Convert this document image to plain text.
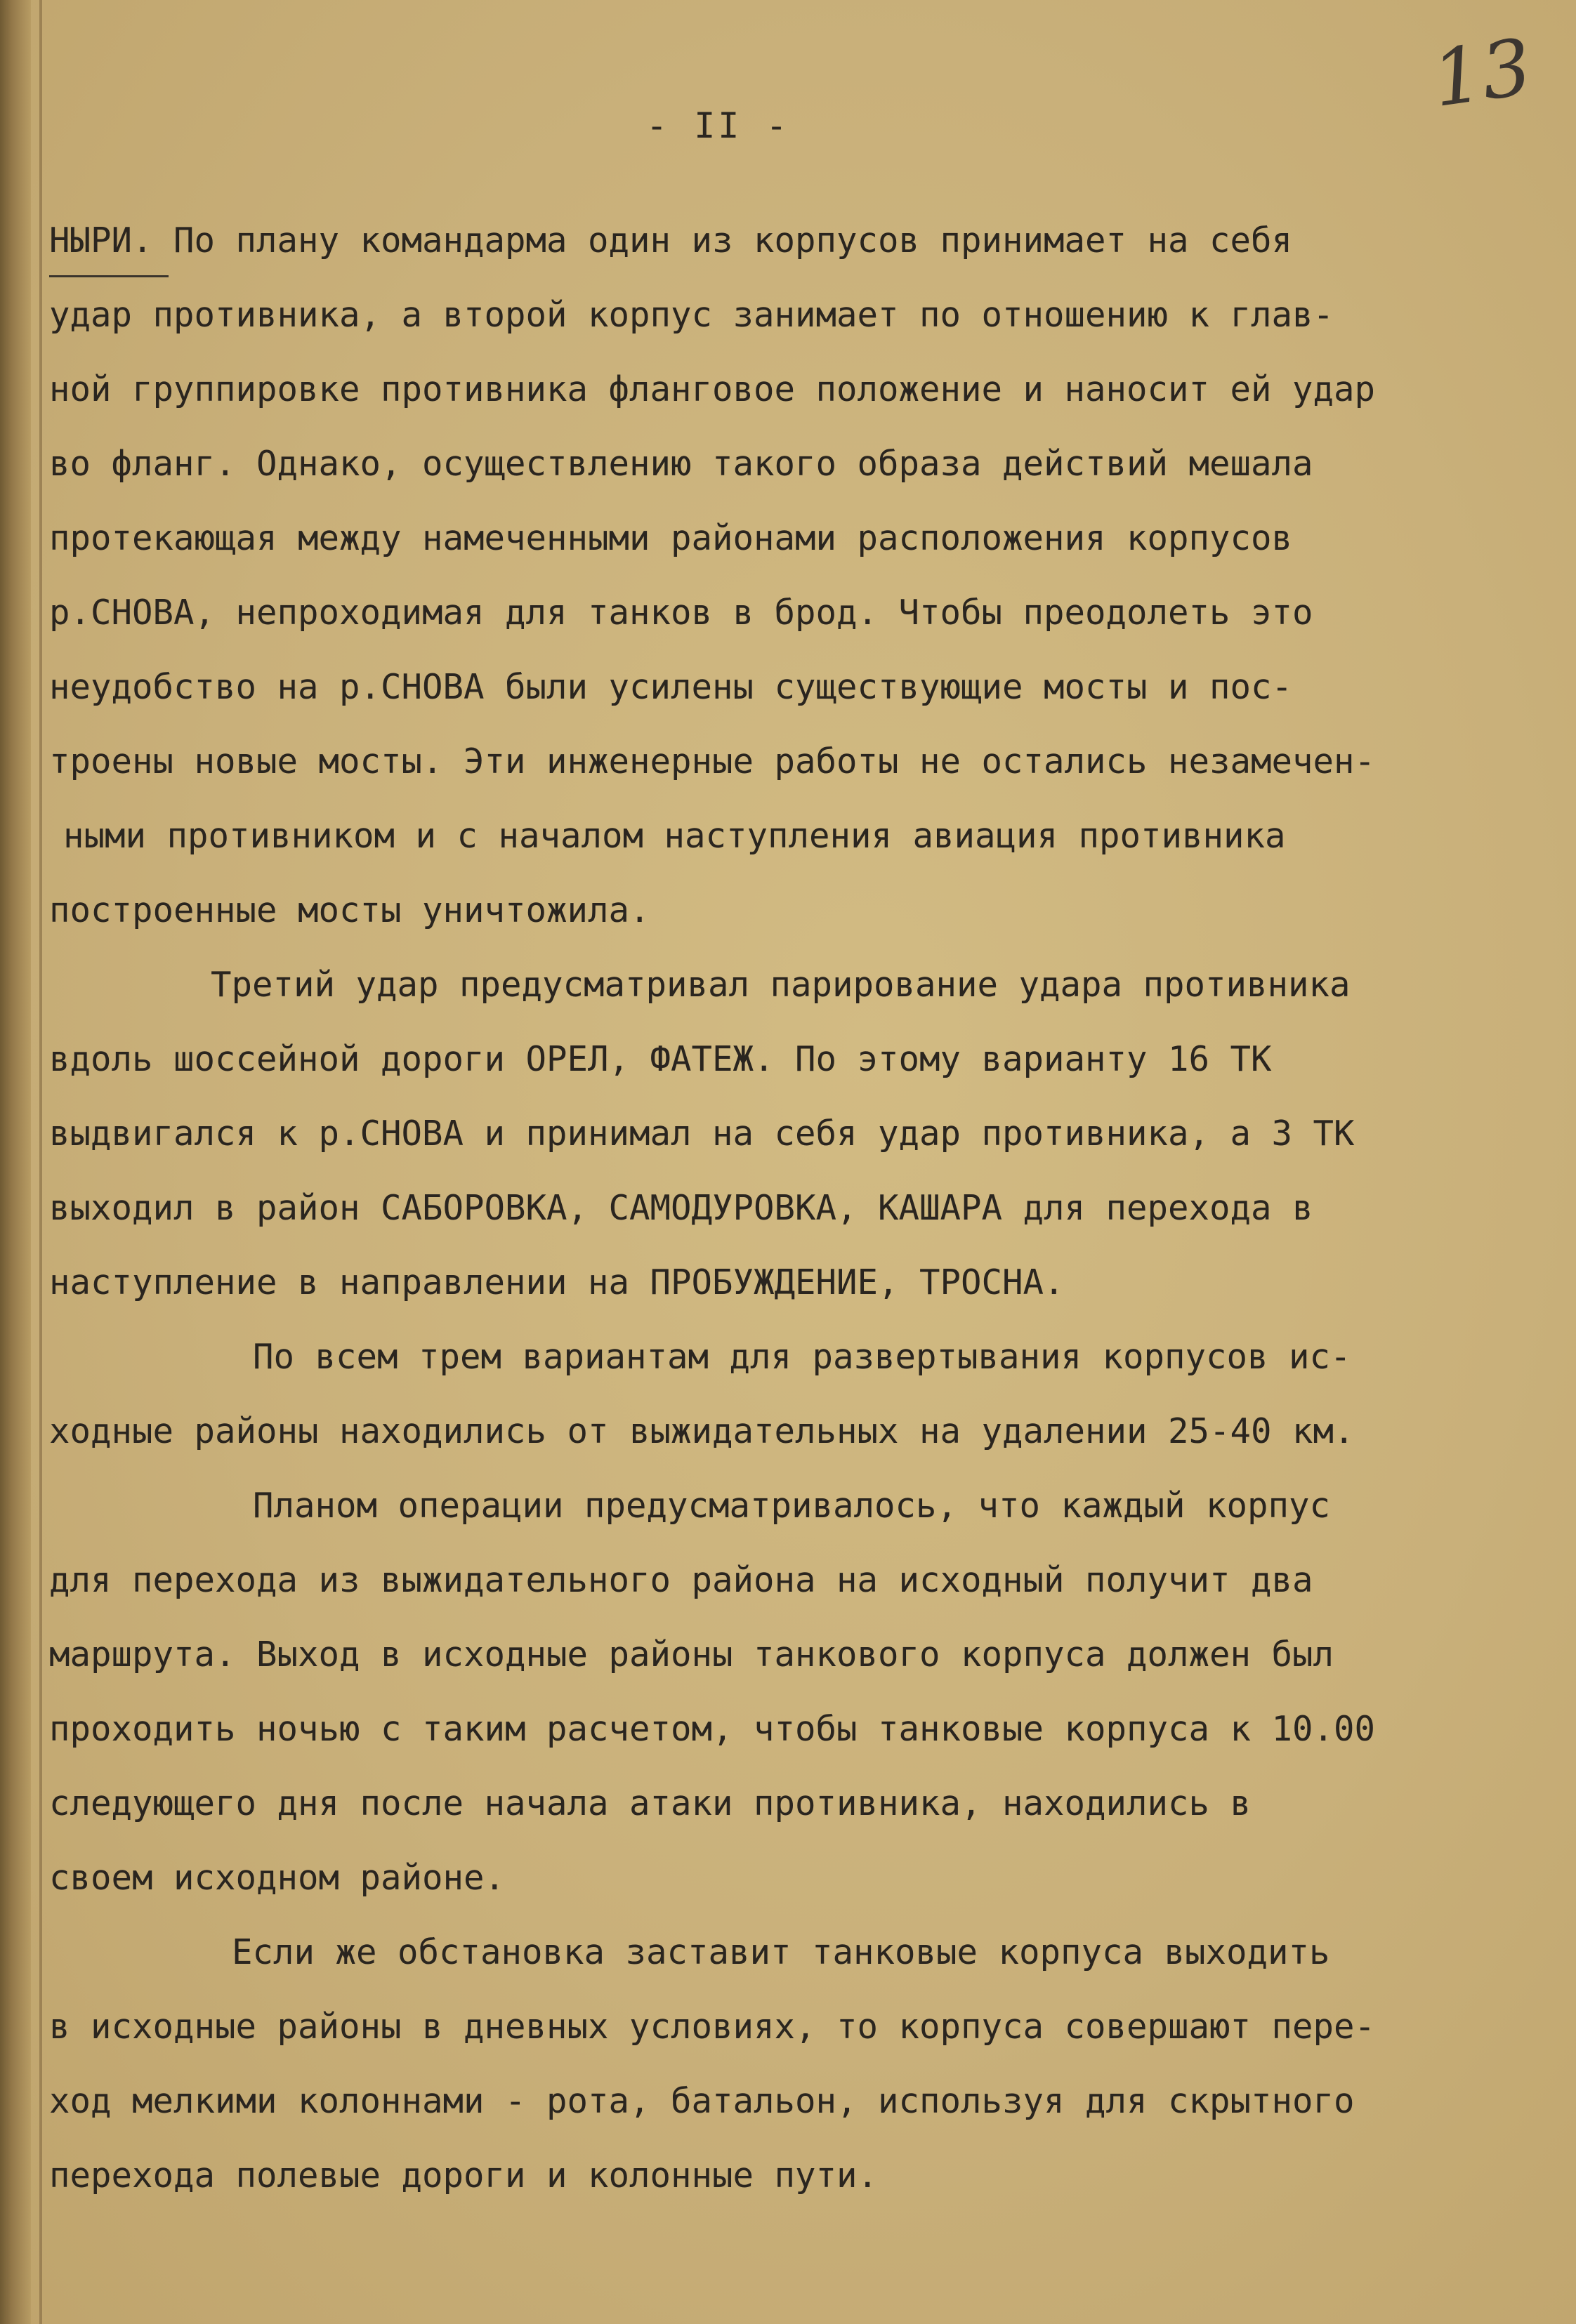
13
- II -
НЫРИ. По плану командарма один из корпусов принимает на себя
удар противника, а второй корпус занимает по отношению к глав-
ной группировке противника фланговое положение и наносит ей удар
во фланг. Однако, осуществлению такого образа действий мешала
протекающая между намеченными районами расположения корпусов
р.СНОВА, непроходимая для танков в брод. Чтобы преодолеть это
неудобство на р.СНОВА были усилены существующие мосты и пос-
троены новые мосты. Эти инженерные работы не остались незамечен-
ными противником и с началом наступления авиация противника
построенные мосты уничтожила.
Третий удар предусматривал парирование удара противника
вдоль шоссейной дороги ОРЕЛ, ФАТЕЖ. По этому варианту 16 ТК
выдвигался к р.СНОВА и принимал на себя удар противника, а 3 ТК
выходил в район САБОРОВКА, САМОДУРОВКА, КАШАРА для перехода в
наступление в направлении на ПРОБУЖДЕНИЕ, ТРОСНА.
По всем трем вариантам для развертывания корпусов ис-
ходные районы находились от выжидательных на удалении 25-40 км.
Планом операции предусматривалось, что каждый корпус
для перехода из выжидательного района на исходный получит два
маршрута. Выход в исходные районы танкового корпуса должен был
проходить ночью с таким расчетом, чтобы танковые корпуса к 10.00
следующего дня после начала атаки противника, находились в
своем исходном районе.
Если же обстановка заставит танковые корпуса выходить
в исходные районы в дневных условиях, то корпуса совершают пере-
ход мелкими колоннами - рота, батальон, используя для скрытного
перехода полевые дороги и колонные пути.
